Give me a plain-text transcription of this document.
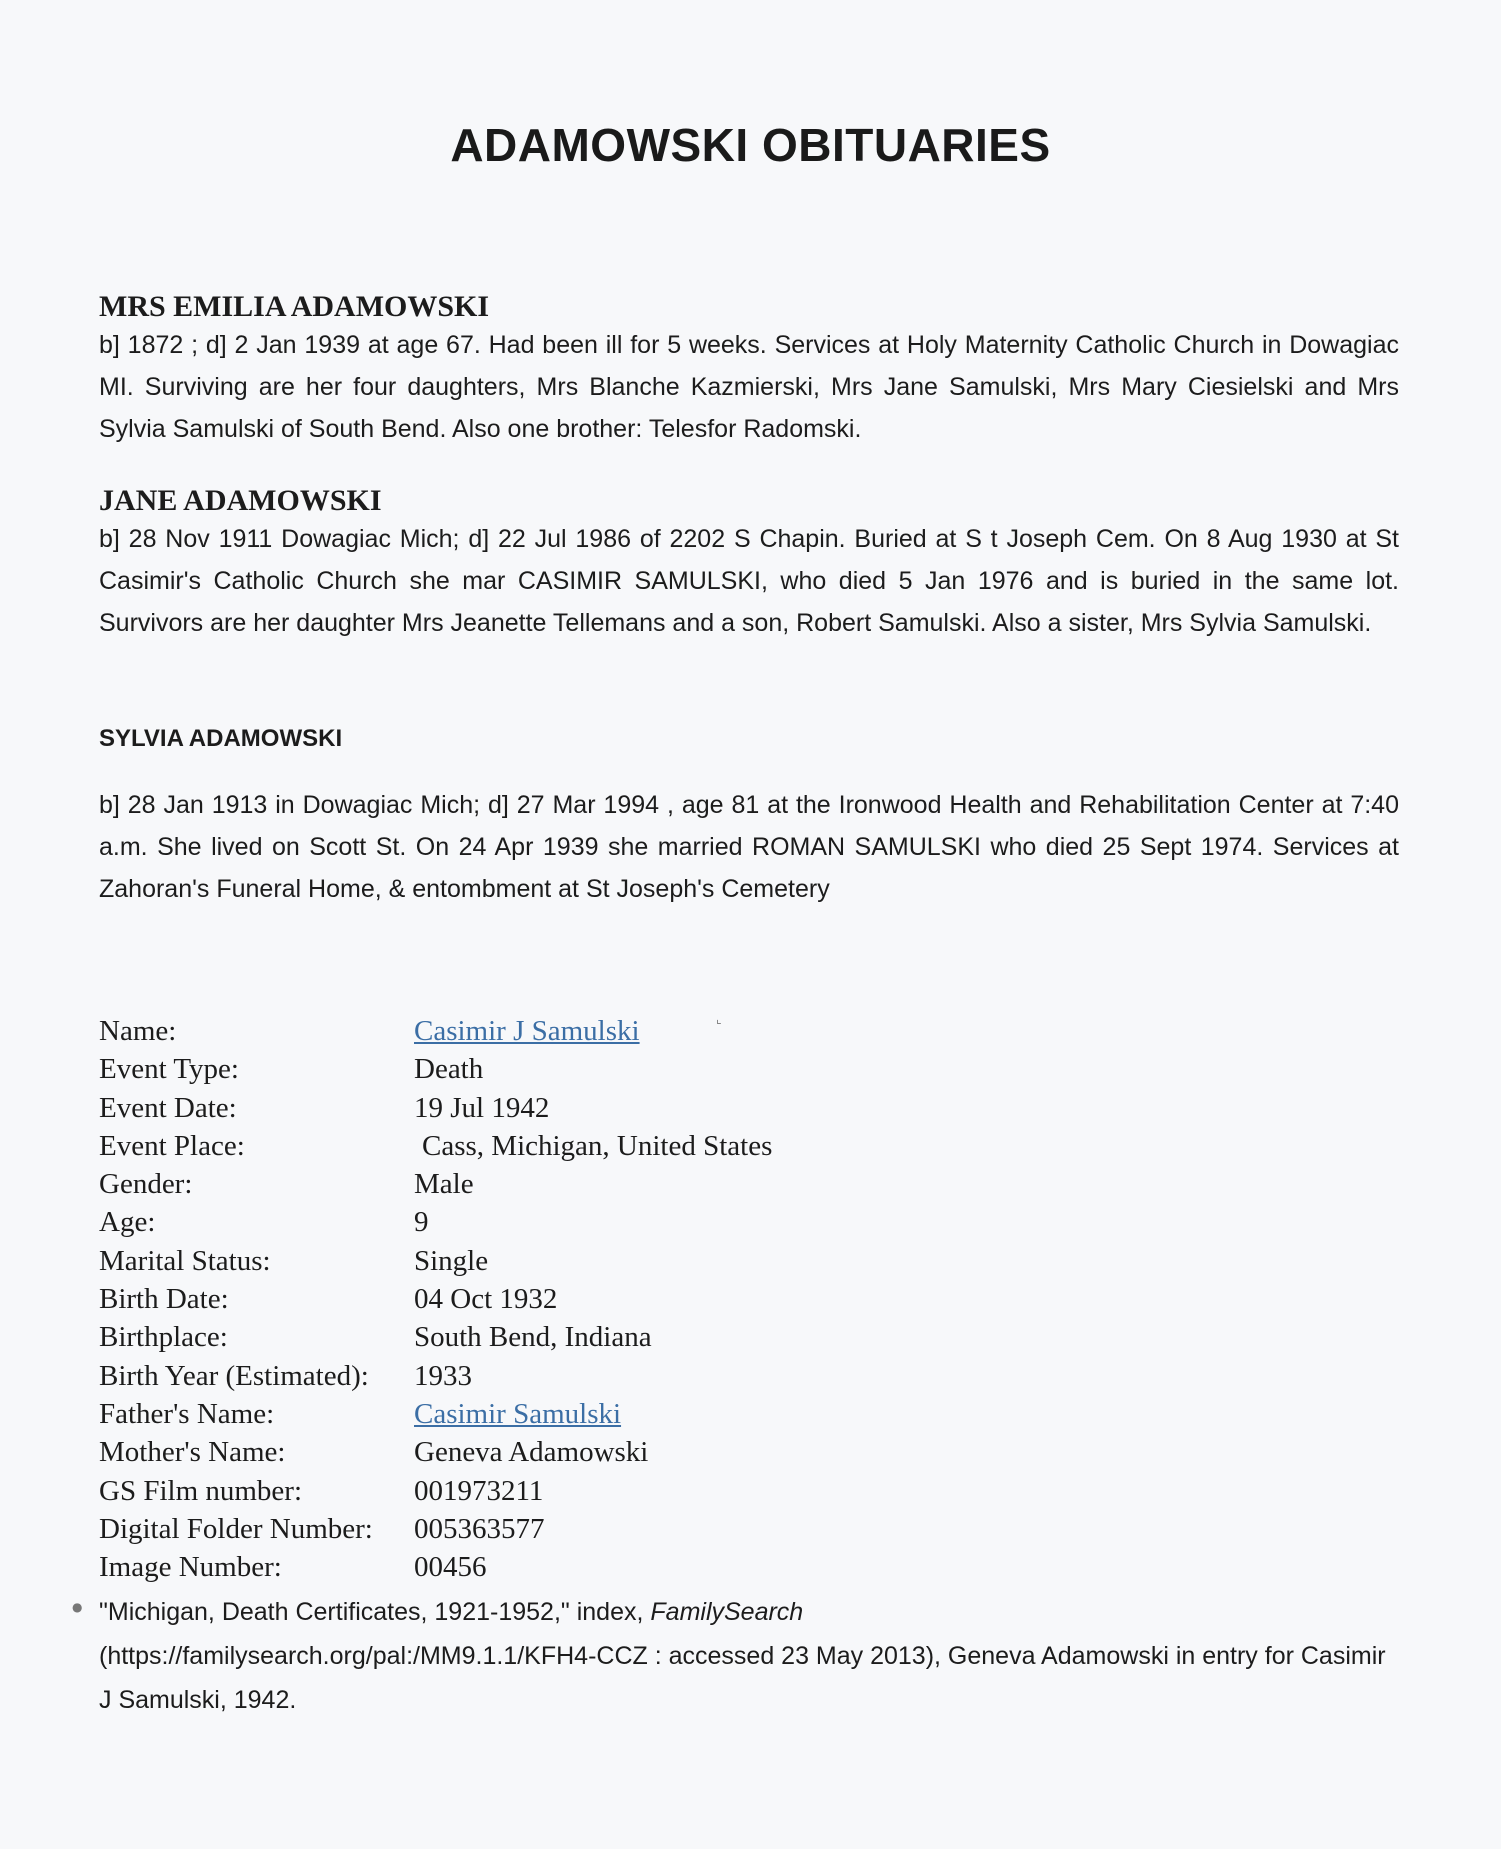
ADAMOWSKI OBITUARIES
MRS EMILIA ADAMOWSKI

b] 1872 ; d] 2 Jan 1939 at age 67. Had been ill for 5 weeks. Services at Holy Maternity Catholic Church in Dowagiac MI. Surviving are her four daughters, Mrs Blanche Kazmierski, Mrs Jane Samulski, Mrs Mary Ciesielski and Mrs Sylvia Samulski of South Bend. Also one brother: Telesfor Radomski.

JANE ADAMOWSKI

b] 28 Nov 1911 Dowagiac Mich; d] 22 Jul 1986 of 2202 S Chapin. Buried at S t Joseph Cem. On 8 Aug 1930 at St Casimir's Catholic Church she mar CASIMIR SAMULSKI, who died 5 Jan 1976 and is buried in the same lot. Survivors are her daughter Mrs Jeanette Tellemans and a son, Robert Samulski. Also a sister, Mrs Sylvia Samulski.

SYLVIA ADAMOWSKI

b] 28 Jan 1913 in Dowagiac Mich; d] 27 Mar 1994 , age 81 at the Ironwood Health and Rehabilitation Center at 7:40 a.m. She lived on Scott St. On 24 Apr 1939 she married ROMAN SAMULSKI who died 25 Sept 1974. Services at Zahoran's Funeral Home, & entombment at St Joseph's Cemetery

Name:	Casimir J Samulski
Event Type:	Death
Event Date:	19 Jul 1942
Event Place:	Cass, Michigan, United States
Gender:	Male
Age:	9
Marital Status:	Single
Birth Date:	04 Oct 1932
Birthplace:	South Bend, Indiana
Birth Year (Estimated):	1933
Father's Name:	Casimir Samulski
Mother's Name:	Geneva Adamowski
GS Film number:	001973211
Digital Folder Number:	005363577
Image Number:	00456
"Michigan, Death Certificates, 1921-1952," index, FamilySearch
(https://familysearch.org/pal:/MM9.1.1/KFH4-CCZ : accessed 23 May 2013), Geneva Adamowski in entry for Casimir J Samulski, 1942.
●
⌞
